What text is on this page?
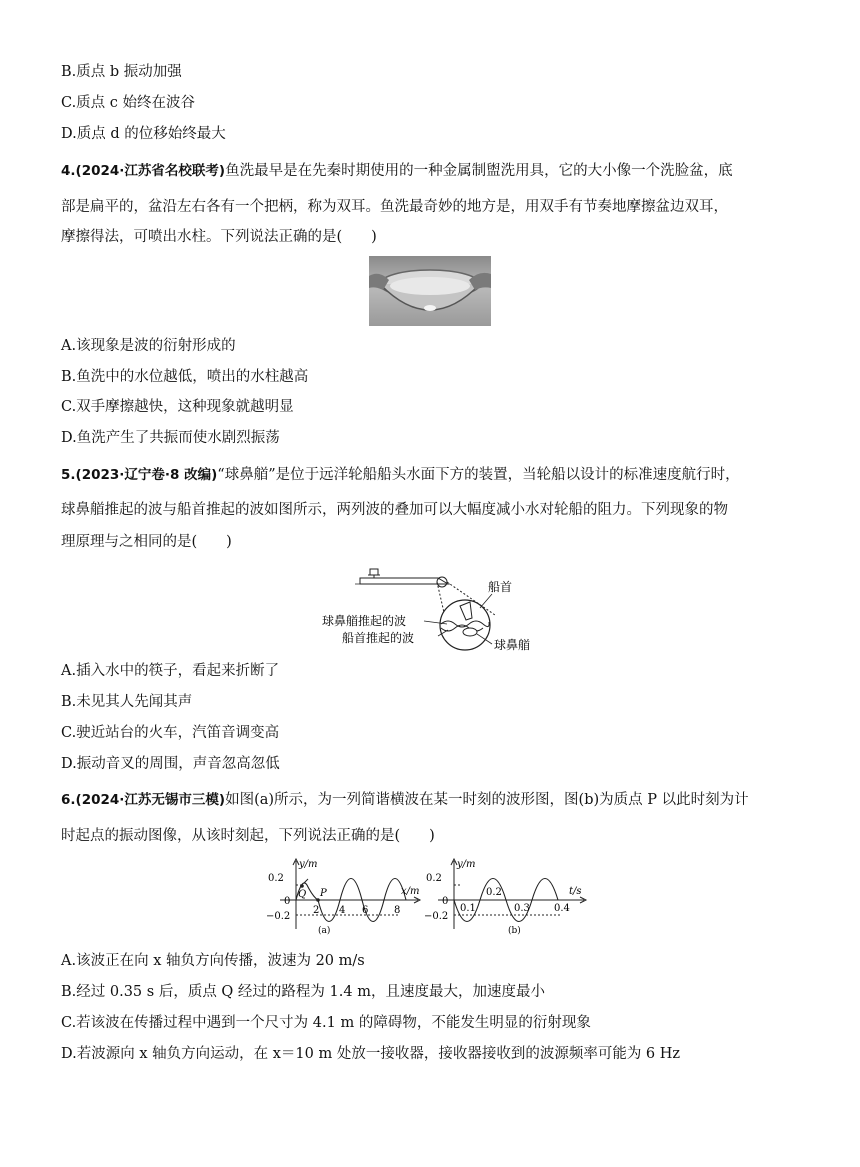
B.质点 b 振动加强
C.质点 c 始终在波谷
D.质点 d 的位移始终最大
4.(2024·江苏省名校联考)鱼洗最早是在先秦时期使用的一种金属制盥洗用具，它的大小像一个洗脸盆，底
部是扁平的，盆沿左右各有一个把柄，称为双耳。鱼洗最奇妙的地方是，用双手有节奏地摩擦盆边双耳，
摩擦得法，可喷出水柱。下列说法正确的是(　　)
A.该现象是波的衍射形成的
B.鱼洗中的水位越低，喷出的水柱越高
C.双手摩擦越快，这种现象就越明显
D.鱼洗产生了共振而使水剧烈振荡
5.(2023·辽宁卷·8 改编)“球鼻艏”是位于远洋轮船船头水面下方的装置，当轮船以设计的标准速度航行时，
球鼻艏推起的波与船首推起的波如图所示，两列波的叠加可以大幅度减小水对轮船的阻力。下列现象的物
理原理与之相同的是(　　)
船首
球鼻艏推起的波
船首推起的波	球鼻艏
A.插入水中的筷子，看起来折断了
B.未见其人先闻其声
C.驶近站台的火车，汽笛音调变高
D.振动音叉的周围，声音忽高忽低
6.(2024·江苏无锡市三模)如图(a)所示，为一列简谐横波在某一时刻的波形图，图(b)为质点 P 以此时刻为计
时起点的振动图像，从该时刻起，下列说法正确的是(　　)
0.2
0
−0.2
y/m
x/m
Q P
2 4 6	8
(a)
0.2
0
−0.2
y/m
t/s
0.1
0.2
0.3 0.4
(b)
A.该波正在向 x 轴负方向传播，波速为 20 m/s
B.经过 0.35 s 后，质点 Q 经过的路程为 1.4 m，且速度最大，加速度最小
C.若该波在传播过程中遇到一个尺寸为 4.1 m 的障碍物，不能发生明显的衍射现象
D.若波源向 x 轴负方向运动，在 x＝10 m 处放一接收器，接收器接收到的波源频率可能为 6 Hz
